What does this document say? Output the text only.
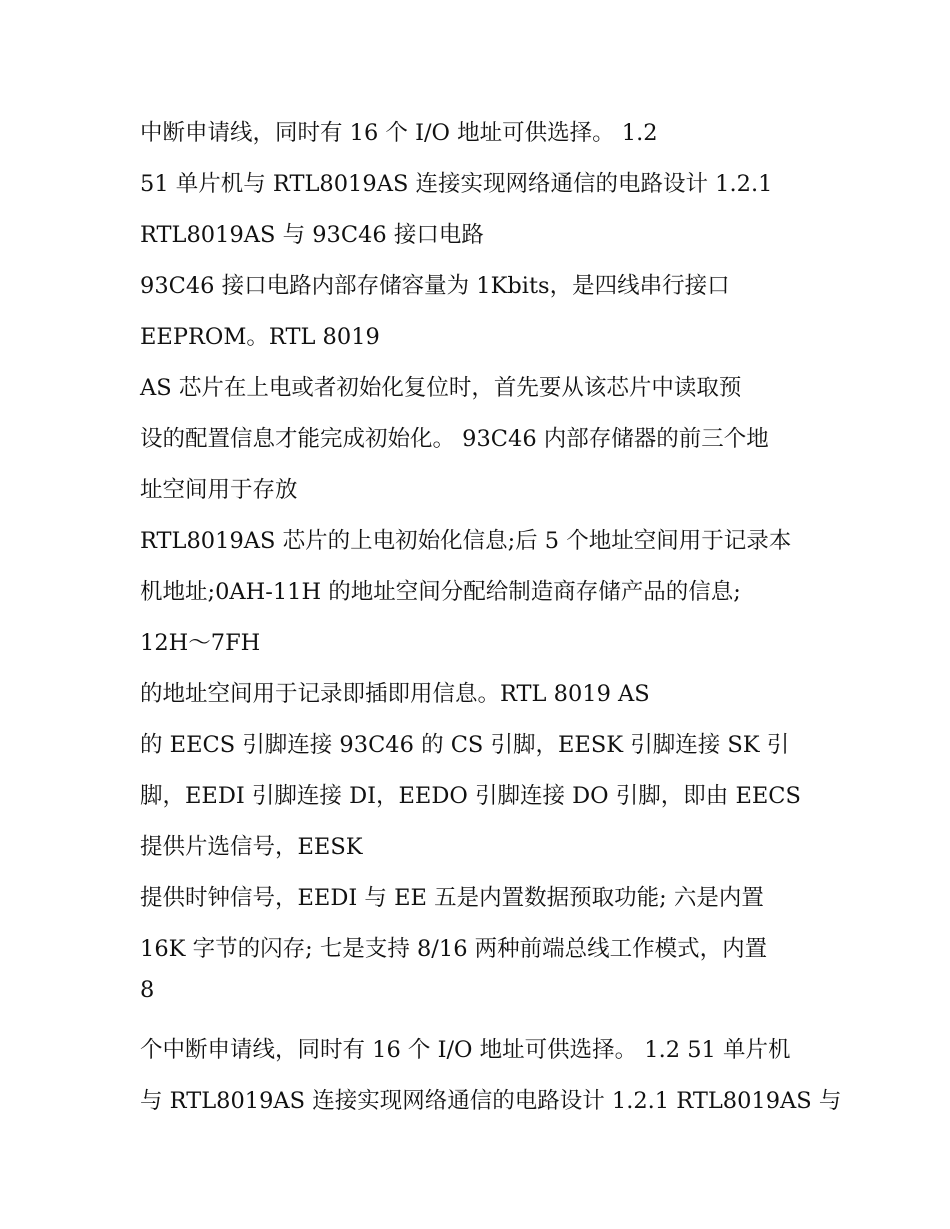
中断申请线，同时有 16 个 I/O 地址可供选择。 1.2
51 单片机与 RTL8019AS 连接实现网络通信的电路设计 1.2.1
RTL8019AS 与 93C46 接口电路
93C46 接口电路内部存储容量为 1Kbits，是四线串行接口
EEPROM。RTL 8019
AS 芯片在上电或者初始化复位时，首先要从该芯片中读取预
设的配置信息才能完成初始化。 93C46 内部存储器的前三个地
址空间用于存放
RTL8019AS 芯片的上电初始化信息;后 5 个地址空间用于记录本
机地址;0AH-11H 的地址空间分配给制造商存储产品的信息;
12H～7FH
的地址空间用于记录即插即用信息。RTL 8019 AS
的 EECS 引脚连接 93C46 的 CS 引脚，EESK 引脚连接 SK 引
脚，EEDI 引脚连接 DI，EEDO 引脚连接 DO 引脚，即由 EECS
提供片选信号，EESK
提供时钟信号，EEDI 与 EE 五是内置数据预取功能; 六是内置
16K 字节的闪存; 七是支持 8/16 两种前端总线工作模式，内置
8
个中断申请线，同时有 16 个 I/O 地址可供选择。 1.2 51 单片机
与 RTL8019AS 连接实现网络通信的电路设计 1.2.1 RTL8019AS 与
